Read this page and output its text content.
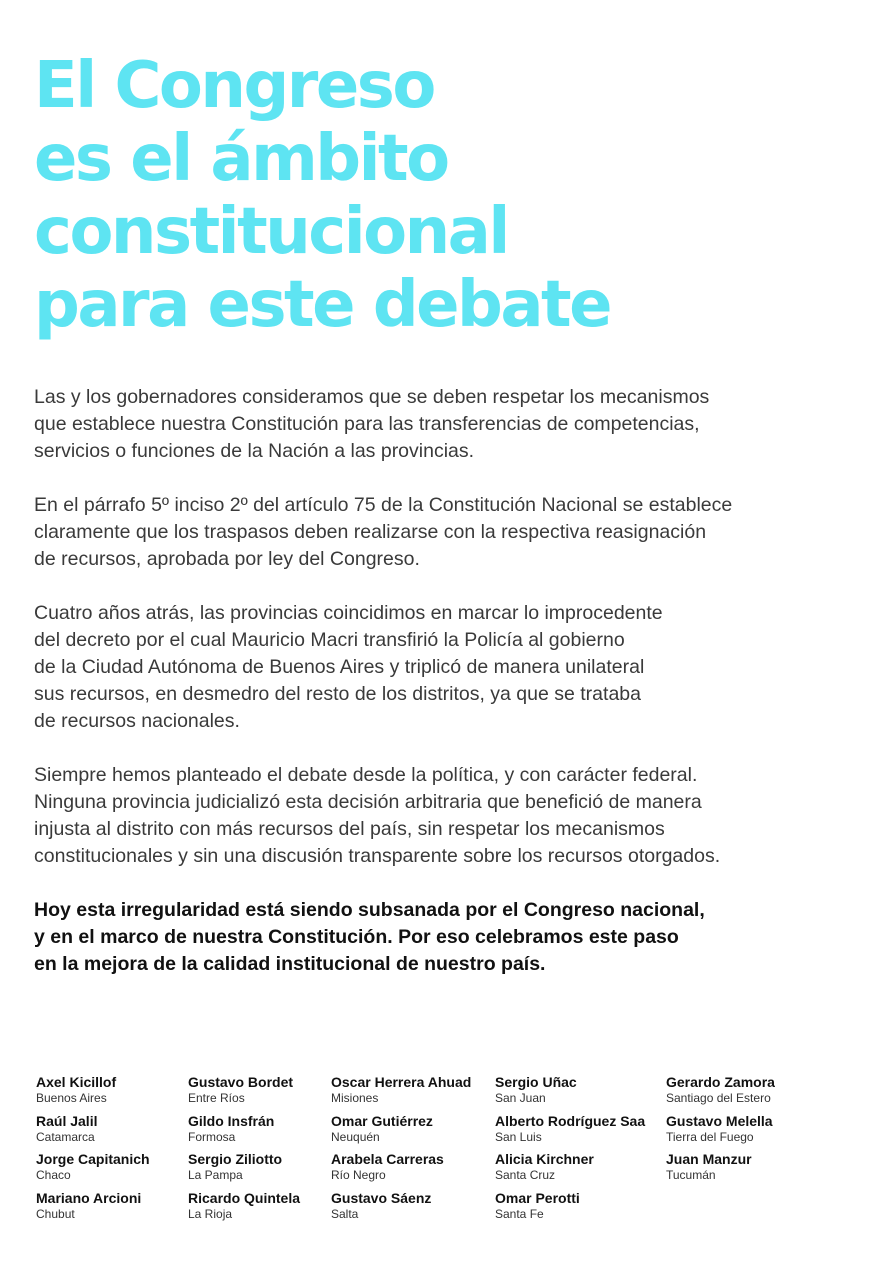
El Congreso
es el ámbito
constitucional
para este debate

Las y los gobernadores consideramos que se deben respetar los mecanismos
que establece nuestra Constitución para las transferencias de competencias,
servicios o funciones de la Nación a las provincias.

En el párrafo 5º inciso 2º del artículo 75 de la Constitución Nacional se establece
claramente que los traspasos deben realizarse con la respectiva reasignación
de recursos, aprobada por ley del Congreso.

Cuatro años atrás, las provincias coincidimos en marcar lo improcedente
del decreto por el cual Mauricio Macri transfirió la Policía al gobierno
de la Ciudad Autónoma de Buenos Aires y triplicó de manera unilateral
sus recursos, en desmedro del resto de los distritos, ya que se trataba
de recursos nacionales.

Siempre hemos planteado el debate desde la política, y con carácter federal.
Ninguna provincia judicializó esta decisión arbitraria que benefició de manera
injusta al distrito con más recursos del país, sin respetar los mecanismos
constitucionales y sin una discusión transparente sobre los recursos otorgados.

Hoy esta irregularidad está siendo subsanada por el Congreso nacional,
y en el marco de nuestra Constitución. Por eso celebramos este paso
en la mejora de la calidad institucional de nuestro país.

Axel Kicillof
Buenos Aires
Raúl Jalil
Catamarca
Jorge Capitanich
Chaco
Mariano Arcioni
Chubut
Gustavo Bordet
Entre Ríos
Gildo Insfrán
Formosa
Sergio Ziliotto
La Pampa
Ricardo Quintela
La Rioja
Oscar Herrera Ahuad
Misiones
Omar Gutiérrez
Neuquén
Arabela Carreras
Río Negro
Gustavo Sáenz
Salta
Sergio Uñac
San Juan
Alberto Rodríguez Saa
San Luis
Alicia Kirchner
Santa Cruz
Omar Perotti
Santa Fe
Gerardo Zamora
Santiago del Estero
Gustavo Melella
Tierra del Fuego
Juan Manzur
Tucumán
